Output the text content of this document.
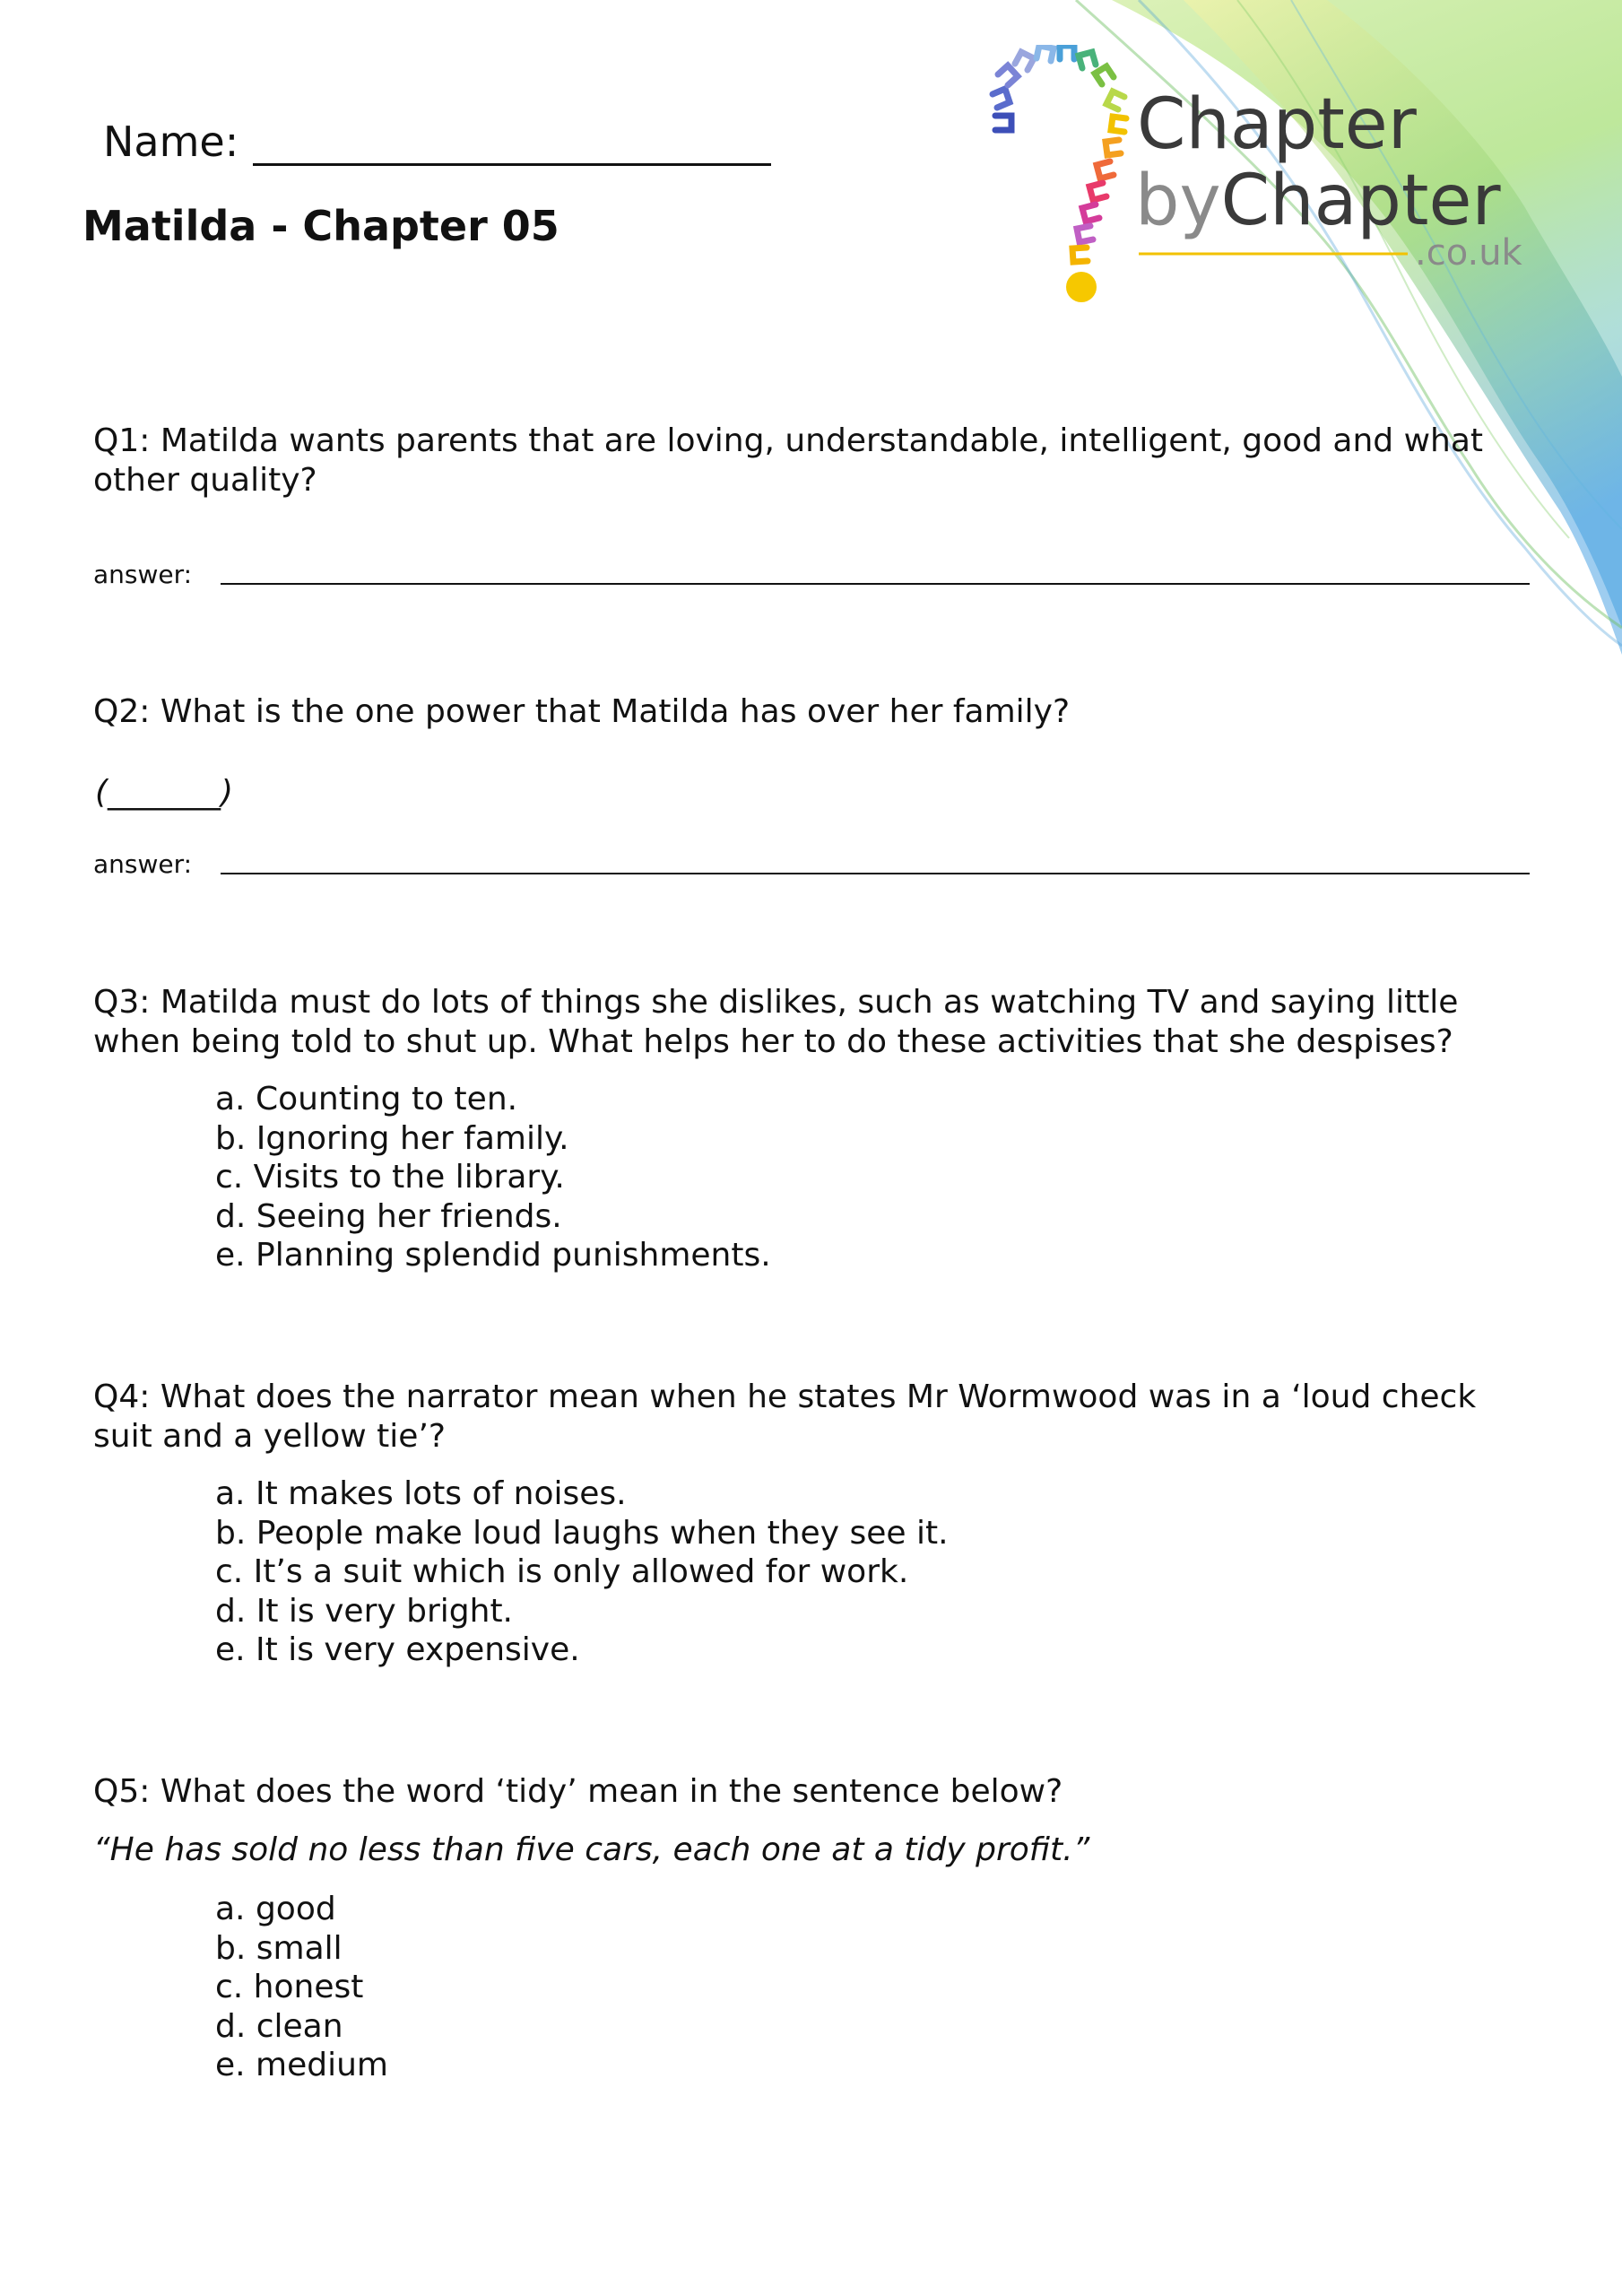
Chapter
byChapter
.co.uk
Name:
Matilda - Chapter 05
Q1: Matilda wants parents that are loving, understandable, intelligent, good and what other quality?
answer:
Q2: What is the one power that Matilda has over her family?
(_______)
answer:
Q3: Matilda must do lots of things she dislikes, such as watching TV and saying little when being told to shut up. What helps her to do these activities that she despises?
a. Counting to ten.
b. Ignoring her family.
c. Visits to the library.
d. Seeing her friends.
e. Planning splendid punishments.
Q4: What does the narrator mean when he states Mr Wormwood was in a ‘loud check suit and a yellow tie’?
a. It makes lots of noises.
b. People make loud laughs when they see it.
c. It’s a suit which is only allowed for work.
d. It is very bright.
e. It is very expensive.
Q5: What does the word ‘tidy’ mean in the sentence below?
“He has sold no less than five cars, each one at a tidy profit.”
a. good
b. small
c. honest
d. clean
e. medium
